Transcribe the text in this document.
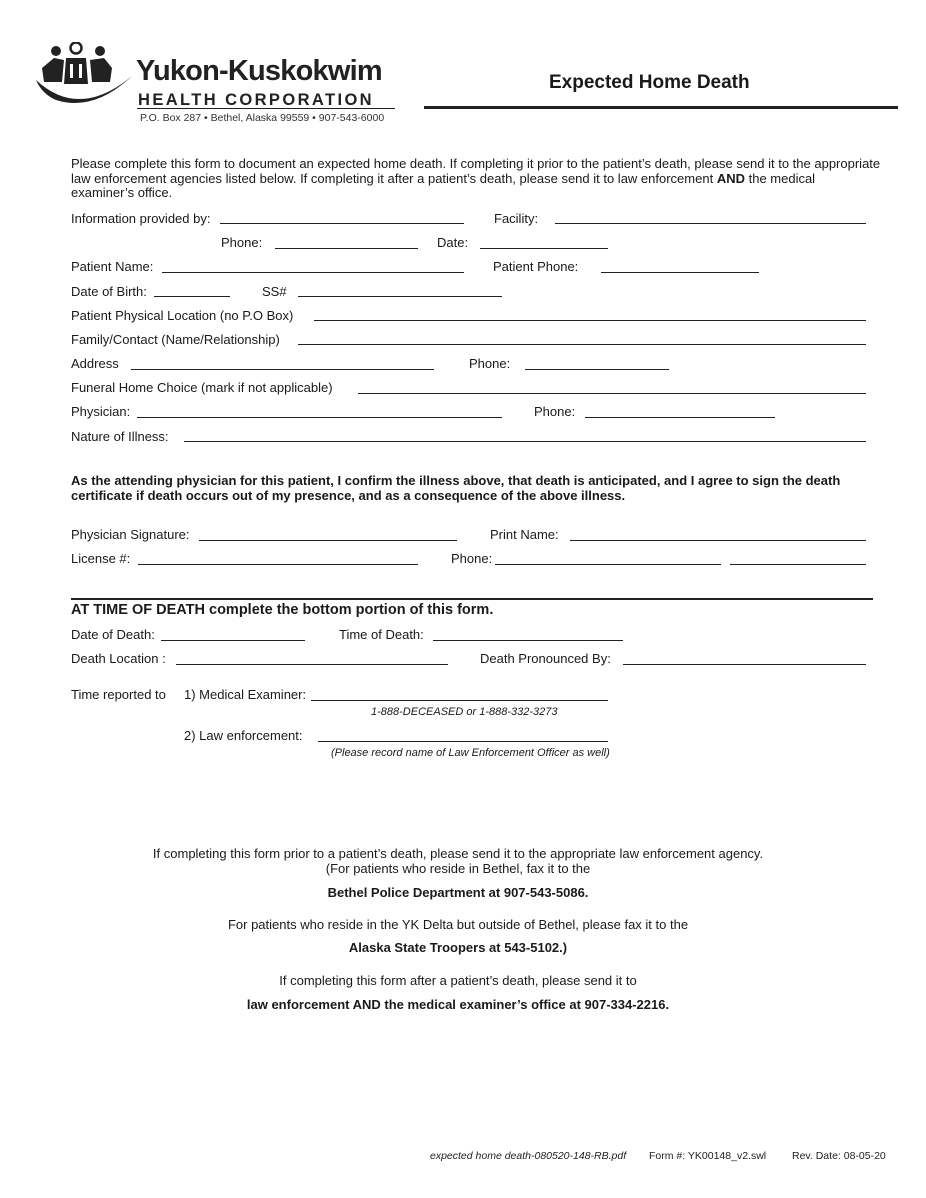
Yukon-Kuskokwim
HEALTH CORPORATION
P.O. Box 287 • Bethel, Alaska 99559 • 907-543-6000
Expected Home Death
Please complete this form to document an expected home death. If completing it prior to the patient’s death, please send it to the appropriate law enforcement agencies listed below. If completing it after a patient’s death, please send it to law enforcement AND the medical examiner’s office.
Information provided by:	Facility:
Phone:	Date:
Patient Name:	Patient Phone:
Date of Birth:	SS#
Patient Physical Location (no P.O Box)
Family/Contact (Name/Relationship)
Address	Phone:
Funeral Home Choice (mark if not applicable)
Physician:	Phone:
Nature of Illness:
As the attending physician for this patient, I confirm the illness above, that death is anticipated, and I agree to sign the death certificate if death occurs out of my presence, and as a consequence of the above illness.
Physician Signature:	Print Name:
License #:	Phone:
AT TIME OF DEATH complete the bottom portion of this form.
Date of Death:	Time of Death:
Death Location :	Death Pronounced By:
Time reported to 1) Medical Examiner:
1-888-DECEASED or 1-888-332-3273
2) Law enforcement:
(Please record name of Law Enforcement Officer as well)
If completing this form prior to a patient’s death, please send it to the appropriate law enforcement agency.
(For patients who reside in Bethel, fax it to the
Bethel Police Department at 907-543-5086.
For patients who reside in the YK Delta but outside of Bethel, please fax it to the
Alaska State Troopers at 543-5102.)
If completing this form after a patient’s death, please send it to
law enforcement AND the medical examiner’s office at 907-334-2216.
expected home death-080520-148-RB.pdf Form #: YK00148_v2.swl Rev. Date: 08-05-20
